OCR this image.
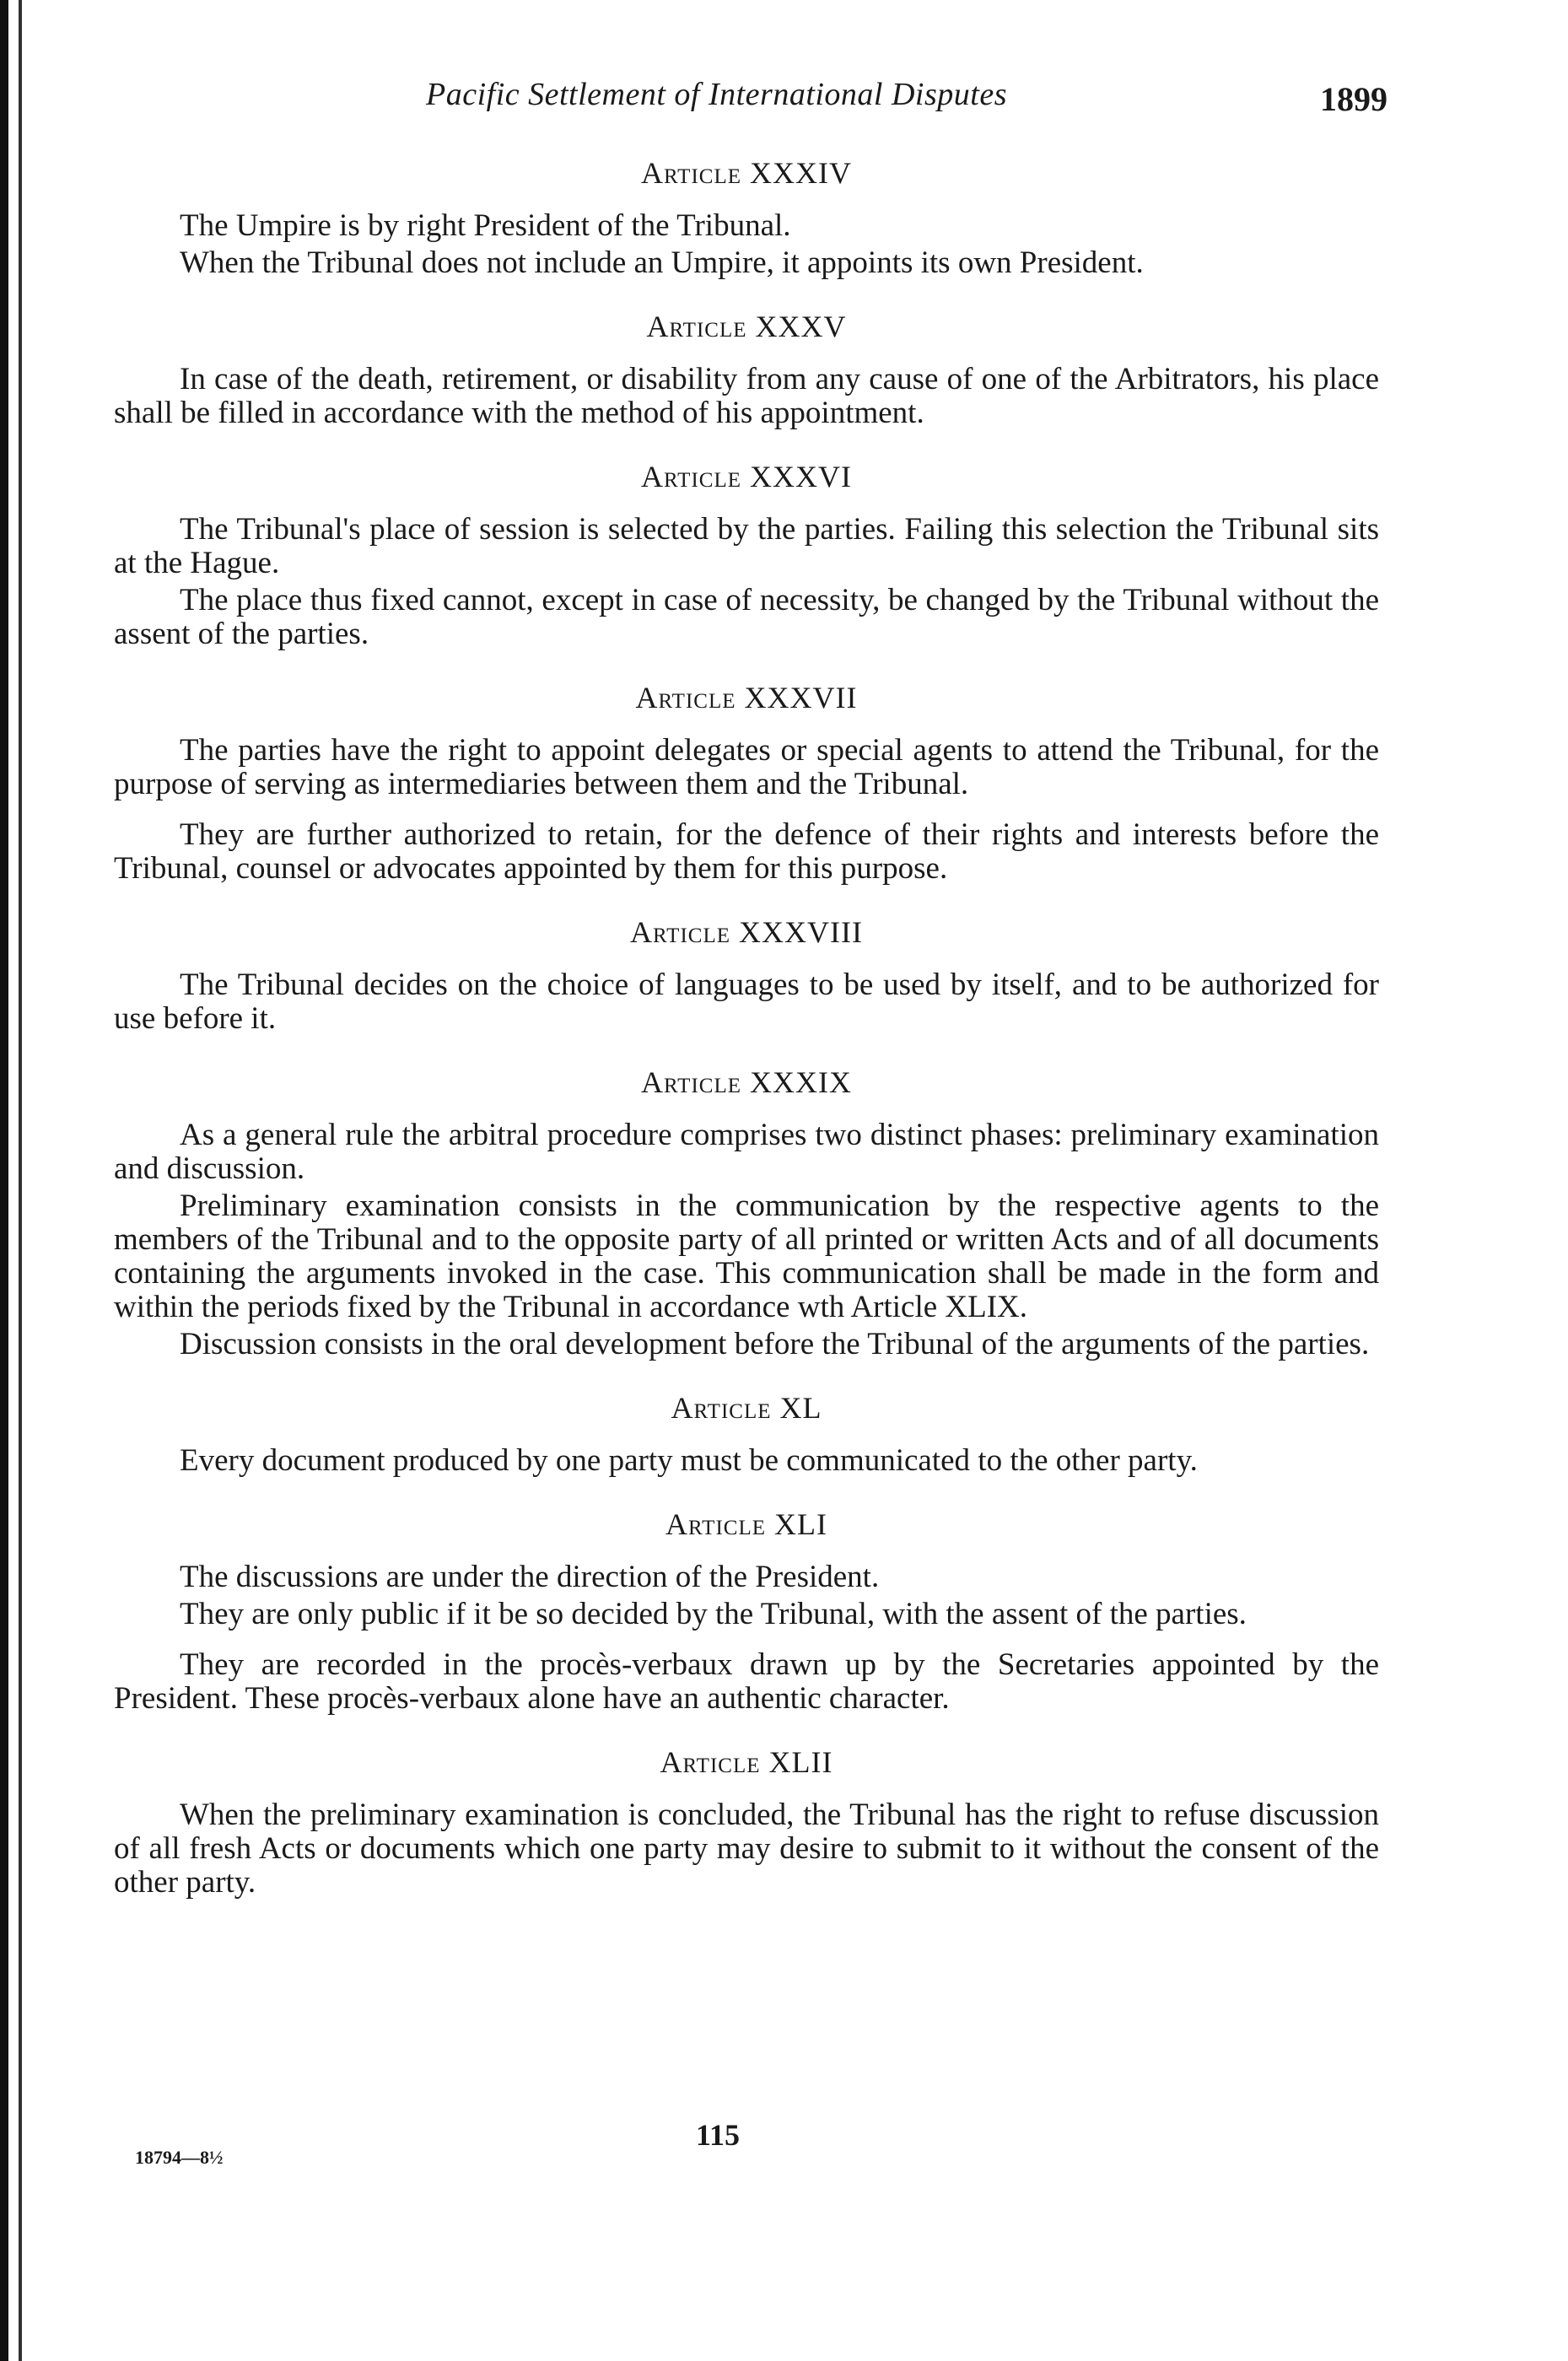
Pacific Settlement of International Disputes	1899
Article XXXIV

The Umpire is by right President of the Tribunal.

When the Tribunal does not include an Umpire, it appoints its own President.

Article XXXV

In case of the death, retirement, or disability from any cause of one of the Arbitrators, his place shall be filled in accordance with the method of his appointment.

Article XXXVI

The Tribunal's place of session is selected by the parties. Failing this selection the Tribunal sits at the Hague.

The place thus fixed cannot, except in case of necessity, be changed by the Tribunal without the assent of the parties.

Article XXXVII

The parties have the right to appoint delegates or special agents to attend the Tribunal, for the purpose of serving as intermediaries between them and the Tribunal.

They are further authorized to retain, for the defence of their rights and interests before the Tribunal, counsel or advocates appointed by them for this purpose.

Article XXXVIII

The Tribunal decides on the choice of languages to be used by itself, and to be authorized for use before it.

Article XXXIX

As a general rule the arbitral procedure comprises two distinct phases: preliminary examination and discussion.

Preliminary examination consists in the communication by the respective agents to the members of the Tribunal and to the opposite party of all printed or written Acts and of all documents containing the arguments invoked in the case. This communication shall be made in the form and within the periods fixed by the Tribunal in accordance wth Article XLIX.

Discussion consists in the oral development before the Tribunal of the arguments of the parties.

Article XL

Every document produced by one party must be communicated to the other party.

Article XLI

The discussions are under the direction of the President.

They are only public if it be so decided by the Tribunal, with the assent of the parties.

They are recorded in the procès-verbaux drawn up by the Secretaries appointed by the President. These procès-verbaux alone have an authentic character.

Article XLII

When the preliminary examination is concluded, the Tribunal has the right to refuse discussion of all fresh Acts or documents which one party may desire to submit to it without the consent of the other party.

115
18794—8½
